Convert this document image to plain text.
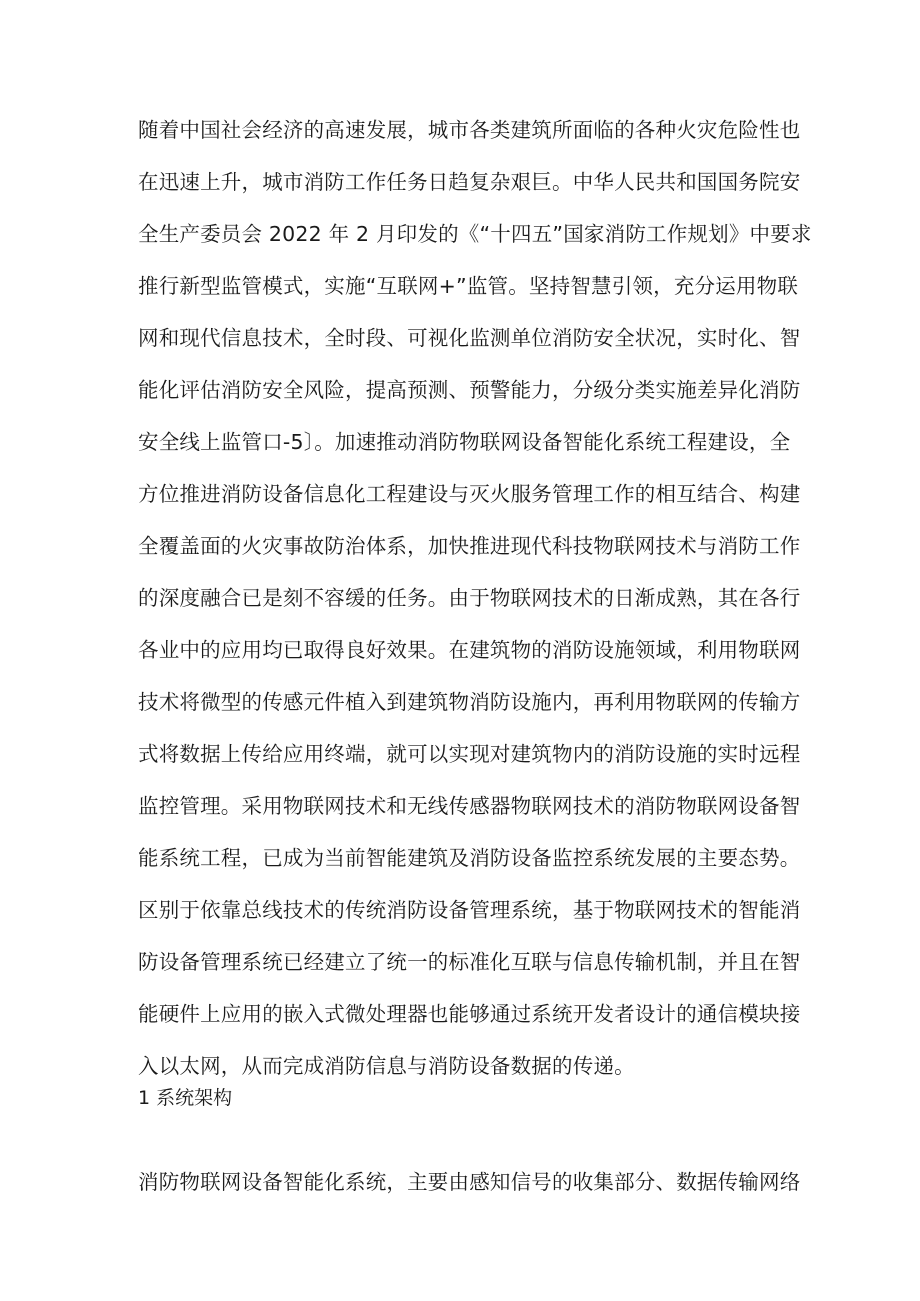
随着中国社会经济的高速发展，城市各类建筑所面临的各种火灾危险性也
在迅速上升，城市消防工作任务日趋复杂艰巨。中华人民共和国国务院安
全生产委员会 2022 年 2 月印发的《“十四五”国家消防工作规划》中要求
推行新型监管模式，实施“互联网+”监管。坚持智慧引领，充分运用物联
网和现代信息技术，全时段、可视化监测单位消防安全状况，实时化、智
能化评估消防安全风险，提高预测、预警能力，分级分类实施差异化消防
安全线上监管口-5〕。加速推动消防物联网设备智能化系统工程建设，全
方位推进消防设备信息化工程建设与灭火服务管理工作的相互结合、构建
全覆盖面的火灾事故防治体系，加快推进现代科技物联网技术与消防工作
的深度融合已是刻不容缓的任务。由于物联网技术的日渐成熟，其在各行
各业中的应用均已取得良好效果。在建筑物的消防设施领域，利用物联网
技术将微型的传感元件植入到建筑物消防设施内，再利用物联网的传输方
式将数据上传给应用终端，就可以实现对建筑物内的消防设施的实时远程
监控管理。采用物联网技术和无线传感器物联网技术的消防物联网设备智
能系统工程，已成为当前智能建筑及消防设备监控系统发展的主要态势。
区别于依靠总线技术的传统消防设备管理系统，基于物联网技术的智能消
防设备管理系统已经建立了统一的标准化互联与信息传输机制，并且在智
能硬件上应用的嵌入式微处理器也能够通过系统开发者设计的通信模块接
入以太网，从而完成消防信息与消防设备数据的传递。
1 系统架构
消防物联网设备智能化系统，主要由感知信号的收集部分、数据传输网络
